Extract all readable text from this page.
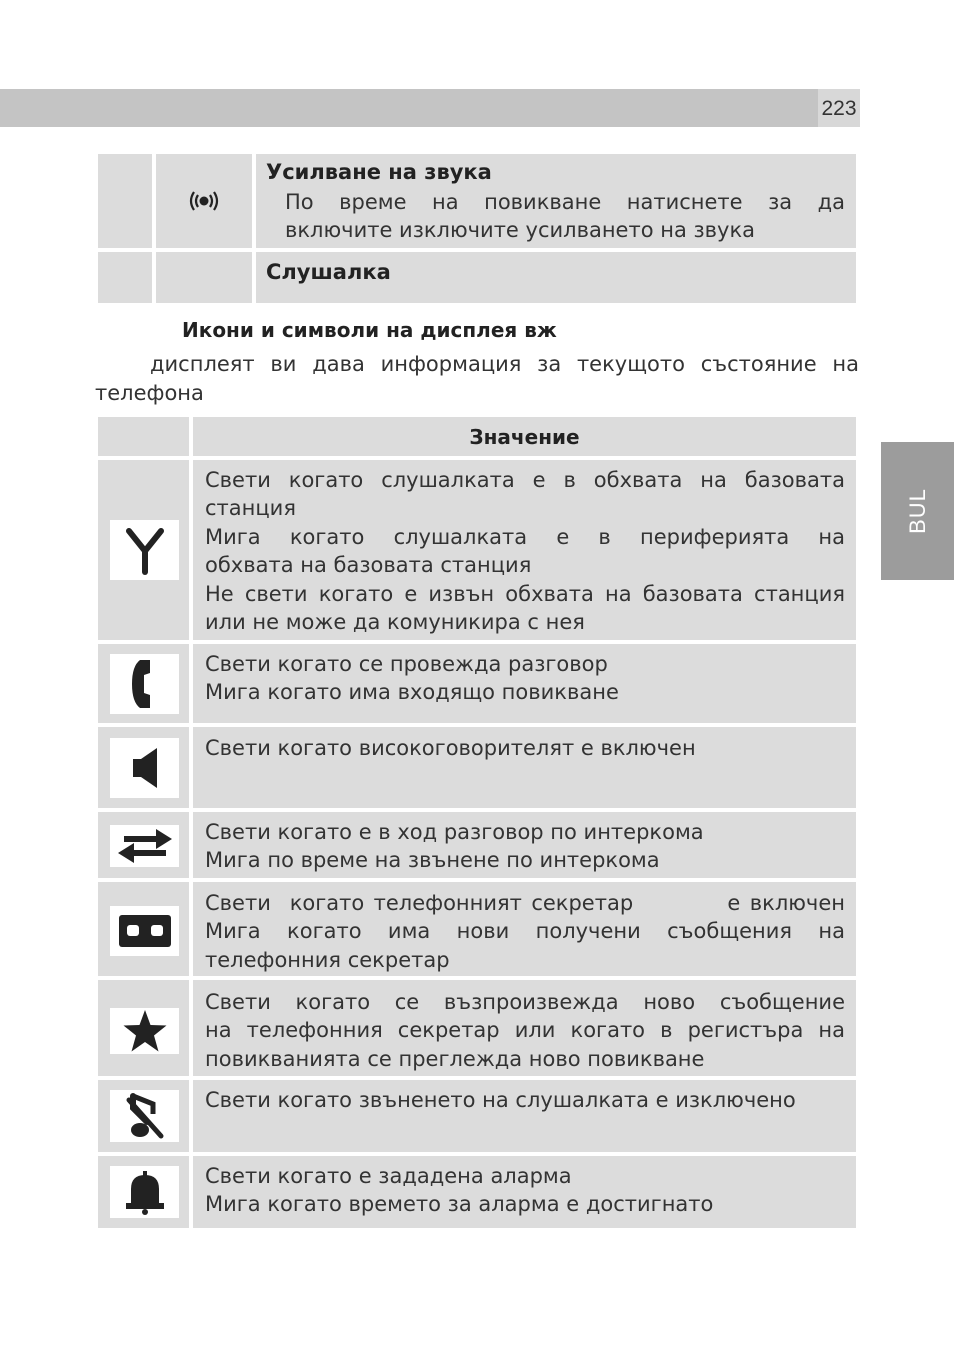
223
BUL
Усилване на звука
По време на повикване натиснете за да включите изключите усилването на звука
Слушалка
Икони и символи на дисплея вж
дисплеят ви дава информация за текущото състояние на телефона
Значение
Свети когато слушалката е в обхвата на базовата
станция
Мига когато слушалката е в периферията на
обхвата на базовата станция
Не свети когато е извън обхвата на базовата станция
или не може да комуникира с нея
Свети когато се провежда разговор
Мига когато има входящо повикване
Свети когато високоговорителят е включен
Свети когато е в ход разговор по интеркома
Мига по време на звънене по интеркома
Свети  когато телефонният секретар          е включен
Мига когато има нови получени съобщения на
телефонния секретар
Свети когато се възпроизвежда ново съобщение
на телефонния секретар или когато в регистъра на
повикванията се преглежда ново повикване
Свети когато звъненето на слушалката е изключено
Свети когато е зададена аларма
Мига когато времето за аларма е достигнато
